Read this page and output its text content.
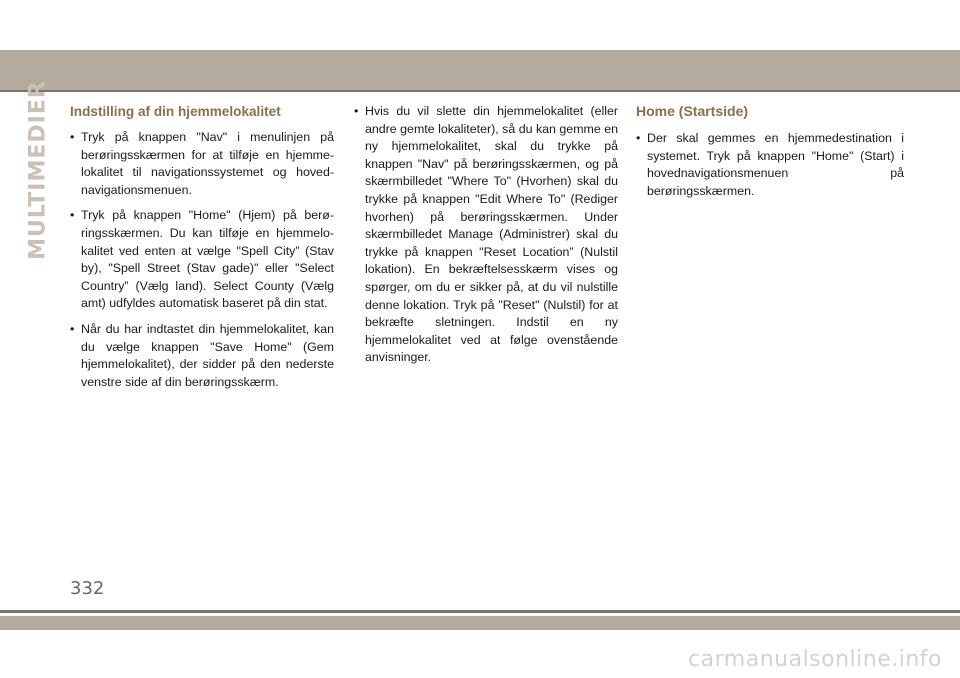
MULTIMEDIER Indstilling af din hjemmelokalitet

• Tryk på knappen "Nav" i menulinjen på berøringsskærmen for at tilføje en hjemmelokalitet til navigationssystemet og hovednavigationsmenuen.

• Tryk på knappen "Home" (Hjem) på berøringsskærmen. Du kan tilføje en hjemmelokalitet ved enten at vælge "Spell City” (Stav by), "Spell Street (Stav gade)" eller "Select Country” (Vælg land). Select County (Vælg amt) udfyldes automatisk baseret på din stat.

• Når du har indtastet din hjemmelokalitet, kan du vælge knappen "Save Home" (Gem hjemmelokalitet), der sidder på den nederste venstre side af din berøringsskærm.

• Hvis du vil slette din hjemmelokalitet (eller andre gemte lokaliteter), så du kan gemme en ny hjemmelokalitet, skal du trykke på knappen "Nav" på berøringsskærmen, og på skærmbilledet "Where To" (Hvorhen) skal du trykke på knappen "Edit Where To" (Rediger hvorhen) på berøringsskærmen. Under skærmbilledet Manage (Administrer) skal du trykke på knappen "Reset Location” (Nulstil lokation). En bekræftelsesskærm vises og spørger, om du er sikker på, at du vil nulstille denne lokation. Tryk på "Reset" (Nulstil) for at bekræfte sletningen. Indstil en ny hjemmelokalitet ved at følge ovenstående anvisninger.

Home (Startside)

• Der skal gemmes en hjemmedestination i systemet. Tryk på knappen "Home" (Start) i hovednavigationsmenuen på berøringsskærmen.

332
carmanualsonline.info
